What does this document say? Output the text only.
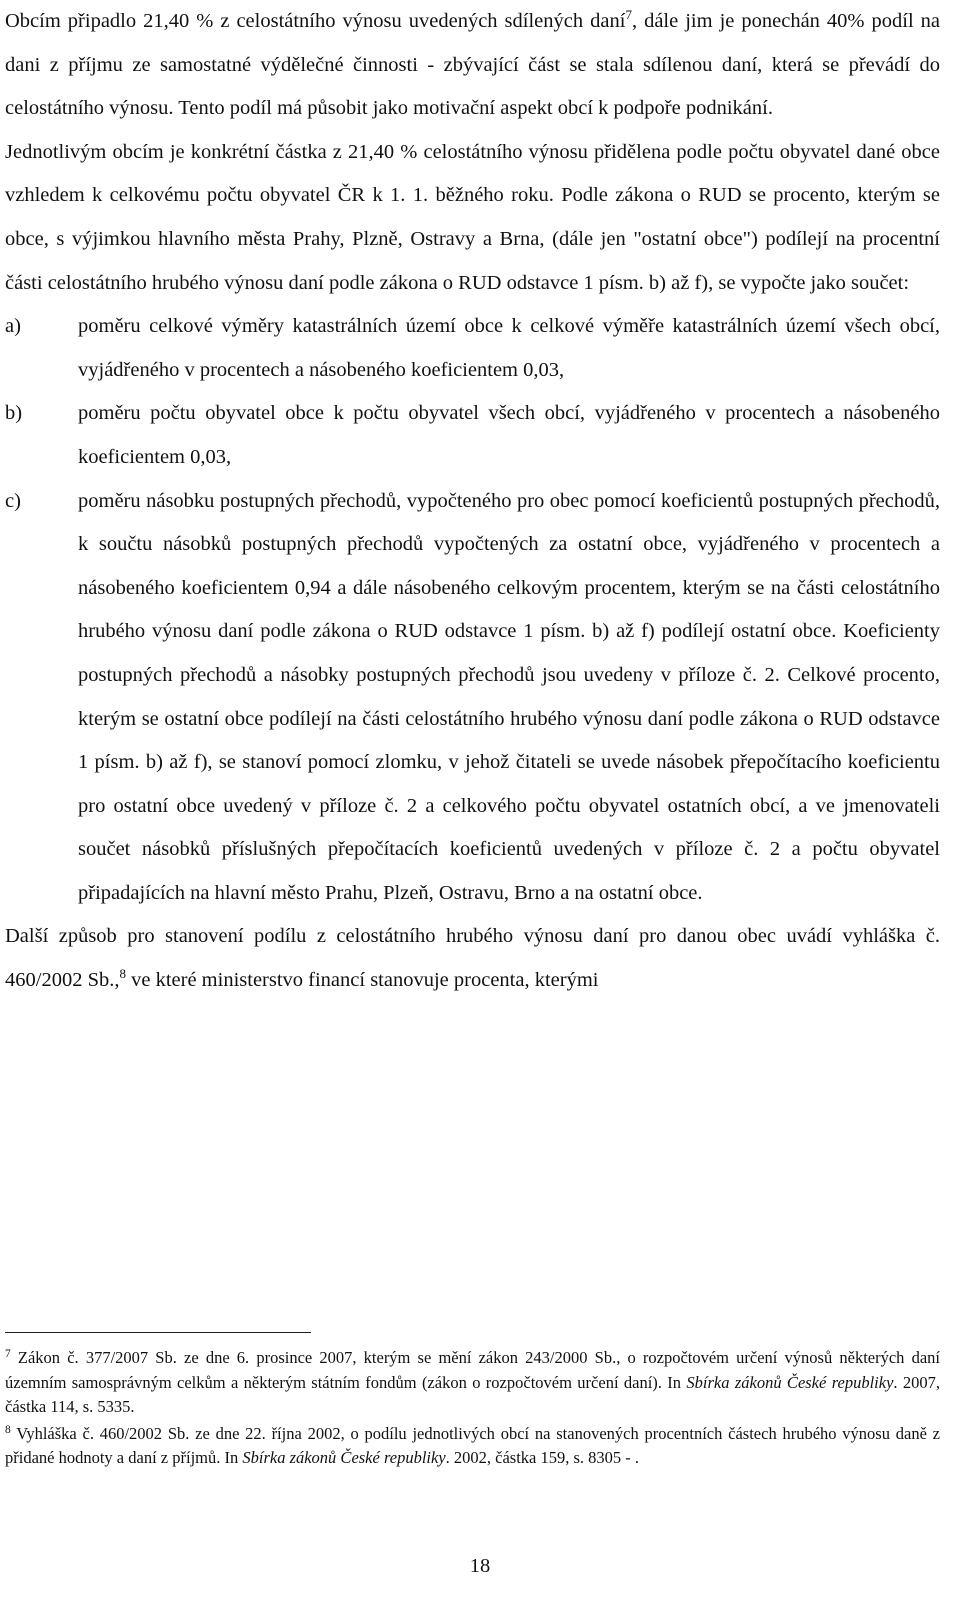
Obcím připadlo 21,40 % z celostátního výnosu uvedených sdílených daní$^7$, dále jim je ponechán 40% podíl na dani z příjmu ze samostatné výdělečné činnosti - zbývající část se stala sdílenou daní, která se převádí do celostátního výnosu. Tento podíl má působit jako motivační aspekt obcí k podpoře podnikání.

Jednotlivým obcím je konkrétní částka z 21,40 % celostátního výnosu přidělena podle počtu obyvatel dané obce vzhledem k celkovému počtu obyvatel ČR k 1. 1. běžného roku. Podle zákona o RUD se procento, kterým se obce, s výjimkou hlavního města Prahy, Plzně, Ostravy a Brna, (dále jen "ostatní obce") podílejí na procentní části celostátního hrubého výnosu daní podle zákona o RUD odstavce 1 písm. b) až f), se vypočte jako součet:

a)	poměru celkové výměry katastrálních území obce k celkové výměře katastrálních území všech obcí, vyjádřeného v procentech a násobeného koeficientem 0,03,
b)	poměru počtu obyvatel obce k počtu obyvatel všech obcí, vyjádřeného v procentech a násobeného koeficientem 0,03,
c)	poměru násobku postupných přechodů, vypočteného pro obec pomocí koeficientů postupných přechodů, k součtu násobků postupných přechodů vypočtených za ostatní obce, vyjádřeného v procentech a násobeného koeficientem 0,94 a dále násobeného celkovým procentem, kterým se na části celostátního hrubého výnosu daní podle zákona o RUD odstavce 1 písm. b) až f) podílejí ostatní obce. Koeficienty postupných přechodů a násobky postupných přechodů jsou uvedeny v příloze č. 2. Celkové procento, kterým se ostatní obce podílejí na části celostátního hrubého výnosu daní podle zákona o RUD odstavce 1 písm. b) až f), se stanoví pomocí zlomku, v jehož čitateli se uvede násobek přepočítacího koeficientu pro ostatní obce uvedený v příloze č. 2 a celkového počtu obyvatel ostatních obcí, a ve jmenovateli součet násobků příslušných přepočítacích koeficientů uvedených v příloze č. 2 a počtu obyvatel připadajících na hlavní město Prahu, Plzeň, Ostravu, Brno a na ostatní obce.

Další způsob pro stanovení podílu z celostátního hrubého výnosu daní pro danou obec uvádí vyhláška č. 460/2002 Sb.,$^8$ ve které ministerstvo financí stanovuje procenta, kterými

$^7$ Zákon č. 377/2007 Sb. ze dne 6. prosince 2007, kterým se mění zákon 243/2000 Sb., o rozpočtovém určení výnosů některých daní územním samosprávným celkům a některým státním fondům (zákon o rozpočtovém určení daní). In Sbírka zákonů České republiky. 2007, částka 114, s. 5335.

$^8$ Vyhláška č. 460/2002 Sb. ze dne 22. října 2002, o podílu jednotlivých obcí na stanovených procentních částech hrubého výnosu daně z přidané hodnoty a daní z příjmů. In Sbírka zákonů České republiky. 2002, částka 159, s. 8305 - .

18
